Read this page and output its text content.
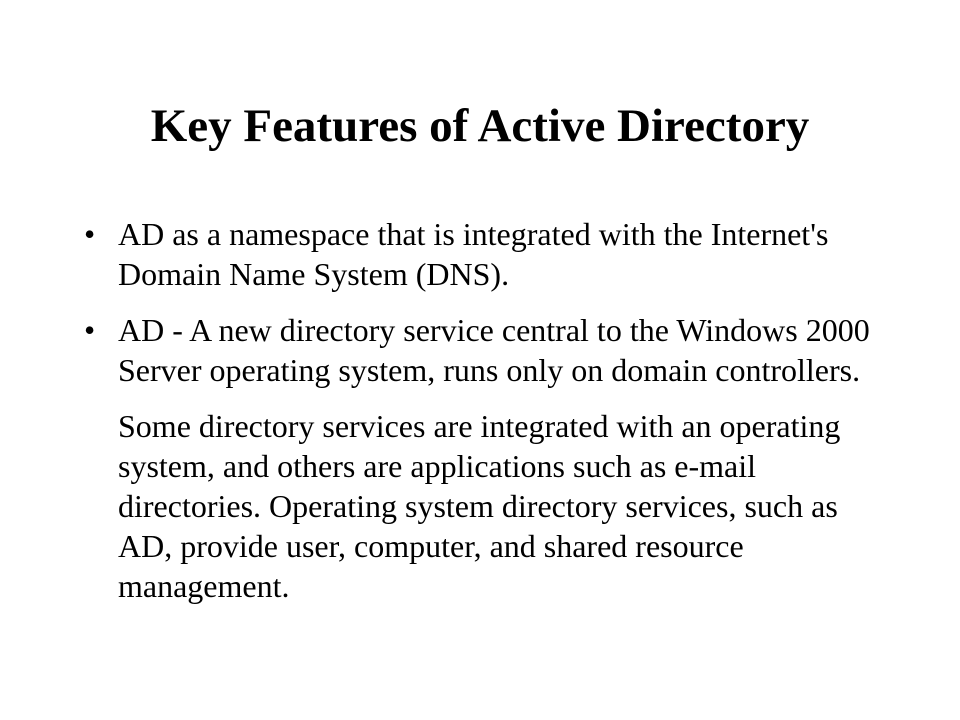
Key Features of Active Directory
• AD as a namespace that is integrated with the Internet's Domain Name System (DNS).
• AD - A new directory service central to the Windows 2000 Server operating system, runs only on domain controllers.
Some directory services are integrated with an operating system, and others are applications such as e-mail directories. Operating system directory services, such as AD, provide user, computer, and shared resource management.
